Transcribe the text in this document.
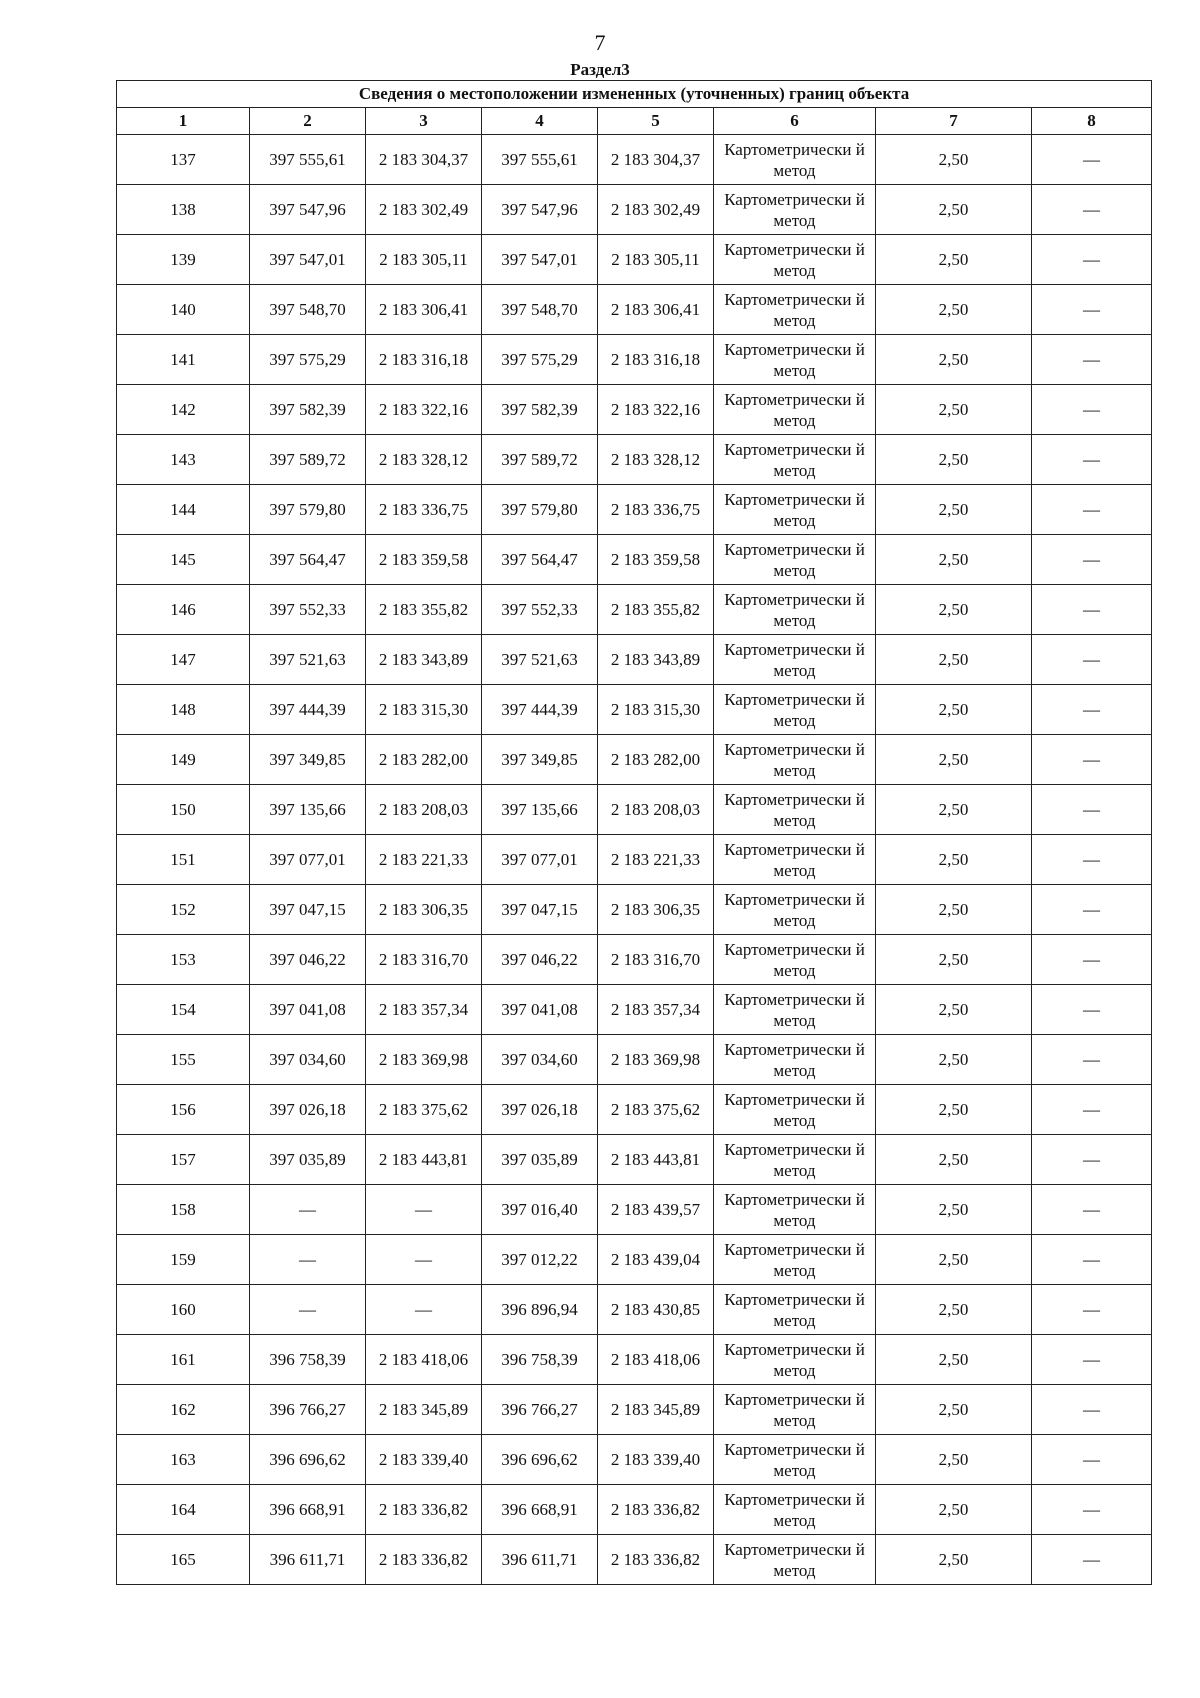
7
Раздел3
Сведения о местоположении измененных (уточненных) границ объекта							
1	2	3	4	5	6	7	8
137	397 555,61	2 183 304,37	397 555,61	2 183 304,37	Картометрически й метод	2,50	—
138	397 547,96	2 183 302,49	397 547,96	2 183 302,49	Картометрически й метод	2,50	—
139	397 547,01	2 183 305,11	397 547,01	2 183 305,11	Картометрически й метод	2,50	—
140	397 548,70	2 183 306,41	397 548,70	2 183 306,41	Картометрически й метод	2,50	—
141	397 575,29	2 183 316,18	397 575,29	2 183 316,18	Картометрически й метод	2,50	—
142	397 582,39	2 183 322,16	397 582,39	2 183 322,16	Картометрически й метод	2,50	—
143	397 589,72	2 183 328,12	397 589,72	2 183 328,12	Картометрически й метод	2,50	—
144	397 579,80	2 183 336,75	397 579,80	2 183 336,75	Картометрически й метод	2,50	—
145	397 564,47	2 183 359,58	397 564,47	2 183 359,58	Картометрически й метод	2,50	—
146	397 552,33	2 183 355,82	397 552,33	2 183 355,82	Картометрически й метод	2,50	—
147	397 521,63	2 183 343,89	397 521,63	2 183 343,89	Картометрически й метод	2,50	—
148	397 444,39	2 183 315,30	397 444,39	2 183 315,30	Картометрически й метод	2,50	—
149	397 349,85	2 183 282,00	397 349,85	2 183 282,00	Картометрически й метод	2,50	—
150	397 135,66	2 183 208,03	397 135,66	2 183 208,03	Картометрически й метод	2,50	—
151	397 077,01	2 183 221,33	397 077,01	2 183 221,33	Картометрически й метод	2,50	—
152	397 047,15	2 183 306,35	397 047,15	2 183 306,35	Картометрически й метод	2,50	—
153	397 046,22	2 183 316,70	397 046,22	2 183 316,70	Картометрически й метод	2,50	—
154	397 041,08	2 183 357,34	397 041,08	2 183 357,34	Картометрически й метод	2,50	—
155	397 034,60	2 183 369,98	397 034,60	2 183 369,98	Картометрически й метод	2,50	—
156	397 026,18	2 183 375,62	397 026,18	2 183 375,62	Картометрически й метод	2,50	—
157	397 035,89	2 183 443,81	397 035,89	2 183 443,81	Картометрически й метод	2,50	—
158	—	—	397 016,40	2 183 439,57	Картометрически й метод	2,50	—
159	—	—	397 012,22	2 183 439,04	Картометрически й метод	2,50	—
160	—	—	396 896,94	2 183 430,85	Картометрически й метод	2,50	—
161	396 758,39	2 183 418,06	396 758,39	2 183 418,06	Картометрически й метод	2,50	—
162	396 766,27	2 183 345,89	396 766,27	2 183 345,89	Картометрически й метод	2,50	—
163	396 696,62	2 183 339,40	396 696,62	2 183 339,40	Картометрически й метод	2,50	—
164	396 668,91	2 183 336,82	396 668,91	2 183 336,82	Картометрически й метод	2,50	—
165	396 611,71	2 183 336,82	396 611,71	2 183 336,82	Картометрически й метод	2,50	—
